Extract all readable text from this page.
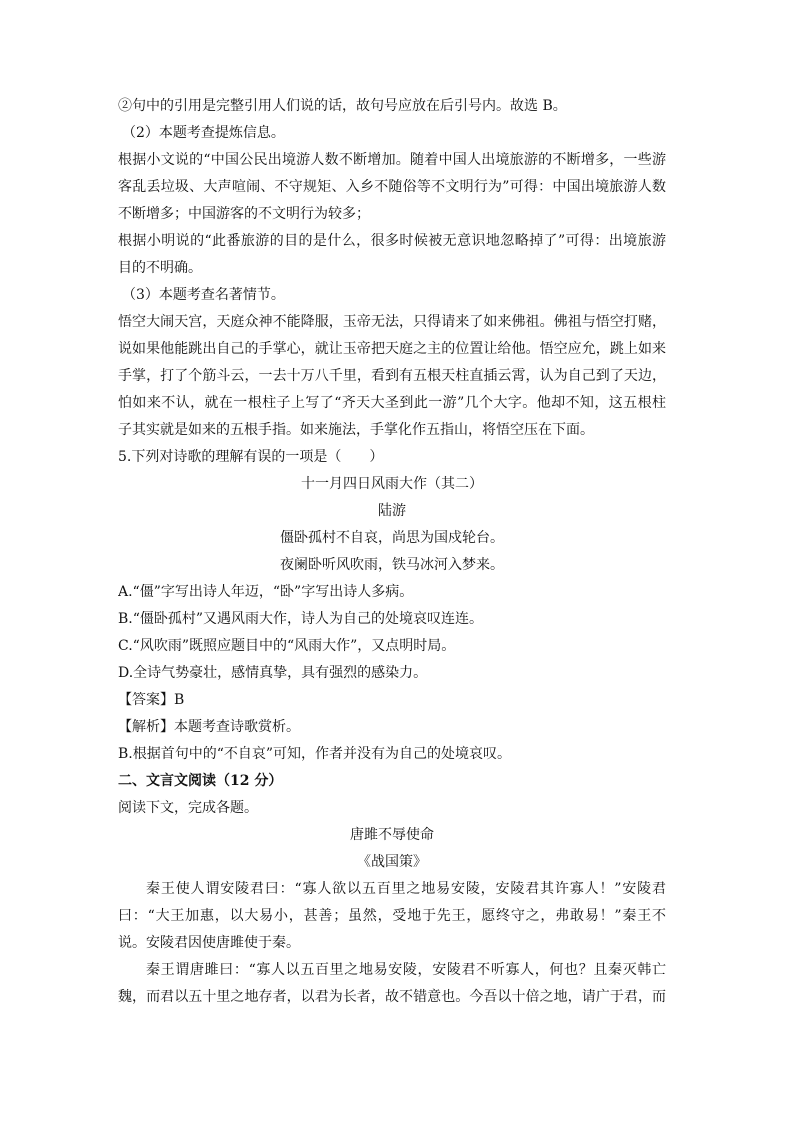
②句中的引用是完整引用人们说的话，故句号应放在后引号内。故选 B。
（2）本题考查提炼信息。
根据小文说的“中国公民出境游人数不断增加。随着中国人出境旅游的不断增多，一些游
客乱丢垃圾、大声喧闹、不守规矩、入乡不随俗等不文明行为”可得：中国出境旅游人数
不断增多；中国游客的不文明行为较多；
根据小明说的“此番旅游的目的是什么，很多时候被无意识地忽略掉了”可得：出境旅游
目的不明确。
（3）本题考查名著情节。
悟空大闹天宫，天庭众神不能降服，玉帝无法，只得请来了如来佛祖。佛祖与悟空打赌，
说如果他能跳出自己的手掌心，就让玉帝把天庭之主的位置让给他。悟空应允，跳上如来
手掌，打了个筋斗云，一去十万八千里，看到有五根天柱直插云霄，认为自己到了天边，
怕如来不认，就在一根柱子上写了“齐天大圣到此一游”几个大字。他却不知，这五根柱
子其实就是如来的五根手指。如来施法，手掌化作五指山，将悟空压在下面。
5.下列对诗歌的理解有误的一项是（　　）
十一月四日风雨大作（其二）
陆游
僵卧孤村不自哀，尚思为国戍轮台。
夜阑卧听风吹雨，铁马冰河入梦来。
A.“僵”字写出诗人年迈，“卧”字写出诗人多病。
B.“僵卧孤村”又遇风雨大作，诗人为自己的处境哀叹连连。
C.“风吹雨”既照应题目中的“风雨大作”，又点明时局。
D.全诗气势豪壮，感情真挚，具有强烈的感染力。
【答案】B
【解析】本题考查诗歌赏析。
B.根据首句中的“不自哀”可知，作者并没有为自己的处境哀叹。
二、文言文阅读（12 分）
阅读下文，完成各题。
唐雎不辱使命
《战国策》
秦王使人谓安陵君曰：“寡人欲以五百里之地易安陵，安陵君其许寡人！”安陵君
曰：“大王加惠，以大易小，甚善；虽然，受地于先王，愿终守之，弗敢易！”秦王不
说。安陵君因使唐雎使于秦。
秦王谓唐雎曰：“寡人以五百里之地易安陵，安陵君不听寡人，何也？且秦灭韩亡
魏，而君以五十里之地存者，以君为长者，故不错意也。今吾以十倍之地，请广于君，而
